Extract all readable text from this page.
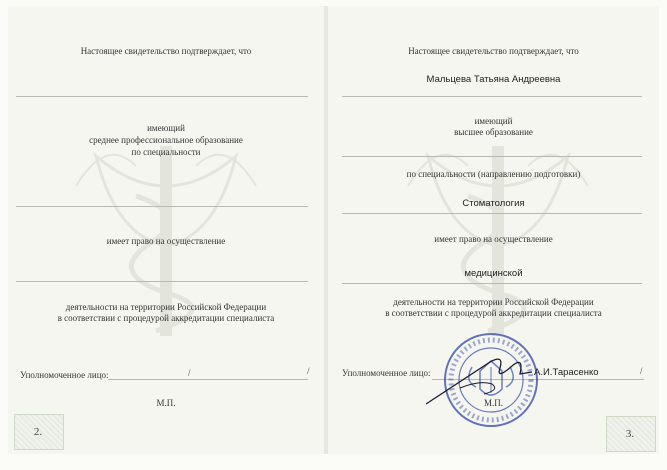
Настоящее свидетельство подтверждает, что
имеющий
среднее профессиональное образование
по специальности
имеет право на осуществление
деятельности на территории Российской Федерации
в соответствии с процедурой аккредитации специалиста
Уполномоченное лицо:	/	/
М.П.
2.
Настоящее свидетельство подтверждает, что
Мальцева Татьяна Андреевна
имеющий
высшее образование
по специальности (направлению подготовки)
Стоматология
имеет право на осуществление
медицинской
деятельности на территории Российской Федерации
в соответствии с процедурой аккредитации специалиста
Уполномоченное лицо:	А.И.Тарасенко	/
М.П.
3.
